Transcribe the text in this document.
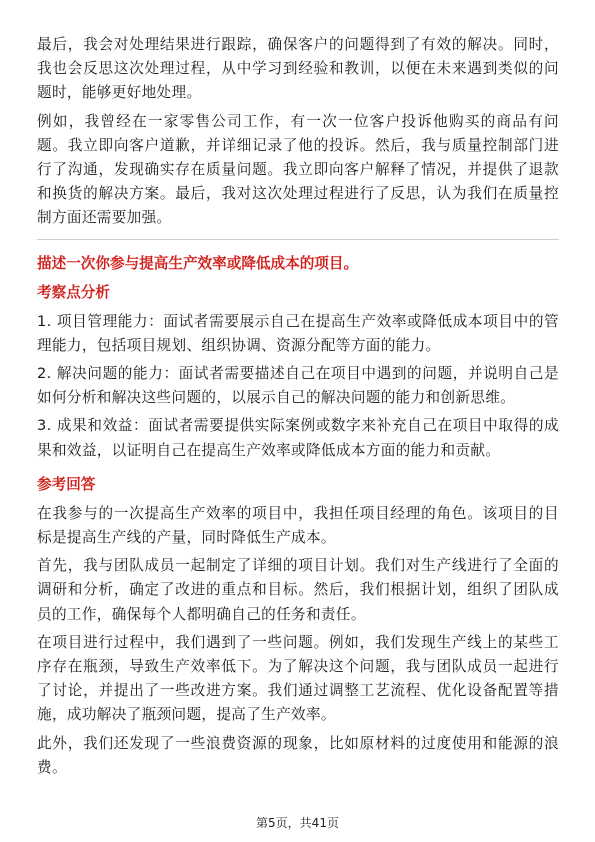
最后，我会对处理结果进行跟踪，确保客户的问题得到了有效的解决。同时，我也会反思这次处理过程，从中学习到经验和教训，以便在未来遇到类似的问题时，能够更好地处理。

例如，我曾经在一家零售公司工作，有一次一位客户投诉他购买的商品有问题。我立即向客户道歉，并详细记录了他的投诉。然后，我与质量控制部门进行了沟通，发现确实存在质量问题。我立即向客户解释了情况，并提供了退款和换货的解决方案。最后，我对这次处理过程进行了反思，认为我们在质量控制方面还需要加强。

描述一次你参与提高生产效率或降低成本的项目。

考察点分析

1. 项目管理能力：面试者需要展示自己在提高生产效率或降低成本项目中的管理能力，包括项目规划、组织协调、资源分配等方面的能力。

2. 解决问题的能力：面试者需要描述自己在项目中遇到的问题，并说明自己是如何分析和解决这些问题的，以展示自己的解决问题的能力和创新思维。

3. 成果和效益：面试者需要提供实际案例或数字来补充自己在项目中取得的成果和效益，以证明自己在提高生产效率或降低成本方面的能力和贡献。

参考回答

在我参与的一次提高生产效率的项目中，我担任项目经理的角色。该项目的目标是提高生产线的产量，同时降低生产成本。

首先，我与团队成员一起制定了详细的项目计划。我们对生产线进行了全面的调研和分析，确定了改进的重点和目标。然后，我们根据计划，组织了团队成员的工作，确保每个人都明确自己的任务和责任。

在项目进行过程中，我们遇到了一些问题。例如，我们发现生产线上的某些工序存在瓶颈，导致生产效率低下。为了解决这个问题，我与团队成员一起进行了讨论，并提出了一些改进方案。我们通过调整工艺流程、优化设备配置等措施，成功解决了瓶颈问题，提高了生产效率。

此外，我们还发现了一些浪费资源的现象，比如原材料的过度使用和能源的浪费。

第5页，共41页
